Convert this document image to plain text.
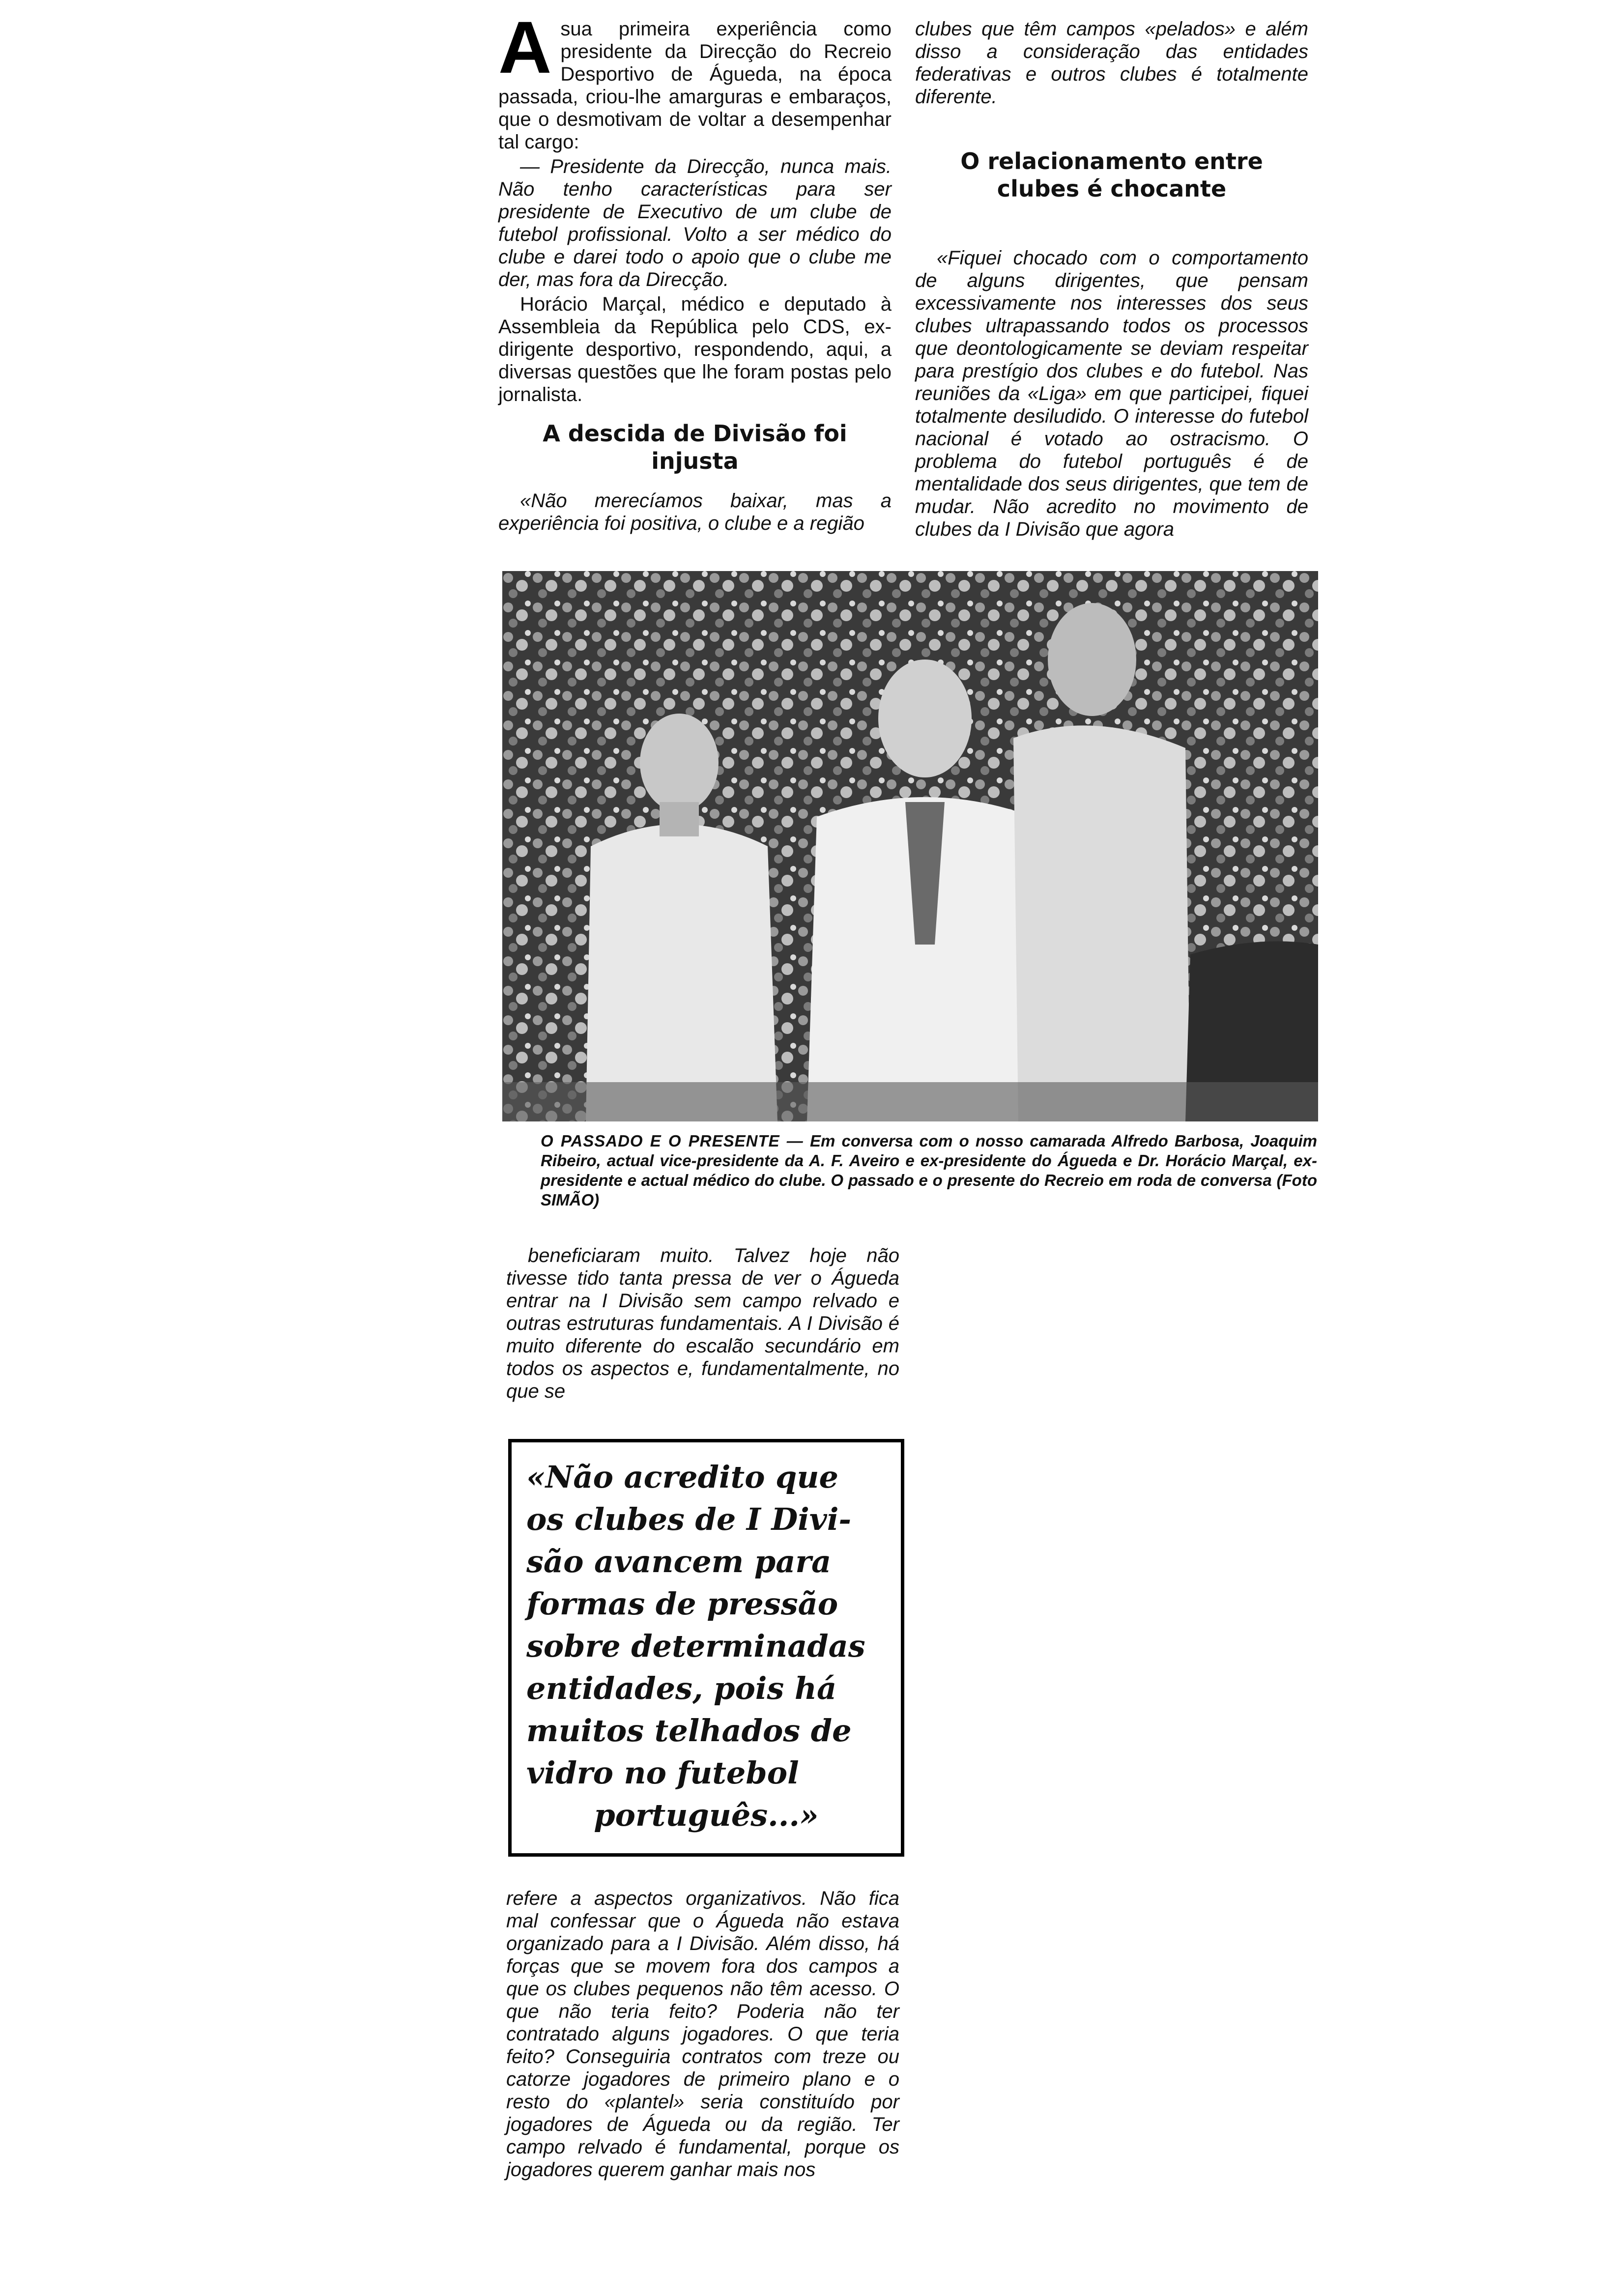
A sua primeira experiência como presidente da Direcção do Recreio Desportivo de Águeda, na época passada, criou-lhe amarguras e embaraços, que o desmotivam de voltar a desempenhar tal cargo:

— Presidente da Direcção, nunca mais. Não tenho características para ser presidente de Executivo de um clube de futebol profissional. Volto a ser médico do clube e darei todo o apoio que o clube me der, mas fora da Direcção.

Horácio Marçal, médico e deputado à Assembleia da República pelo CDS, ex-dirigente desportivo, respondendo, aqui, a diversas questões que lhe foram postas pelo jornalista.

A descida de Divisão foi injusta

«Não merecíamos baixar, mas a experiência foi positiva, o clube e a região

clubes que têm campos «pelados» e além disso a consideração das entidades federativas e outros clubes é totalmente diferente.

O relacionamento entre clubes é chocante

«Fiquei chocado com o comportamento de alguns dirigentes, que pensam excessivamente nos interesses dos seus clubes ultrapassando todos os processos que deontologicamente se deviam respeitar para prestígio dos clubes e do futebol. Nas reuniões da «Liga» em que participei, fiquei totalmente desiludido. O interesse do futebol nacional é votado ao ostracismo. O problema do futebol português é de mentalidade dos seus dirigentes, que tem de mudar. Não acredito no movimento de clubes da I Divisão que agora

O PASSADO E O PRESENTE — Em conversa com o nosso camarada Alfredo Barbosa, Joaquim Ribeiro, actual vice-presidente da A. F. Aveiro e ex-presidente do Águeda e Dr. Horácio Marçal, ex-presidente e actual médico do clube. O passado e o presente do Recreio em roda de conversa (Foto SIMÃO)

beneficiaram muito. Talvez hoje não tivesse tido tanta pressa de ver o Águeda entrar na I Divisão sem campo relvado e outras estruturas fundamentais. A I Divisão é muito diferente do escalão secundário em todos os aspectos e, fundamentalmente, no que se

«Não acredito que
os clubes de I Divi-
são avancem para
formas de pressão
sobre determinadas
entidades, pois há
muitos telhados de
vidro no futebol
português...»

refere a aspectos organizativos. Não fica mal confessar que o Águeda não estava organizado para a I Divisão. Além disso, há forças que se movem fora dos campos a que os clubes pequenos não têm acesso. O que não teria feito? Poderia não ter contratado alguns jogadores. O que teria feito? Conseguiria contratos com treze ou catorze jogadores de primeiro plano e o resto do «plantel» seria constituído por jogadores de Águeda ou da região. Ter campo relvado é fundamental, porque os jogadores querem ganhar mais nos
